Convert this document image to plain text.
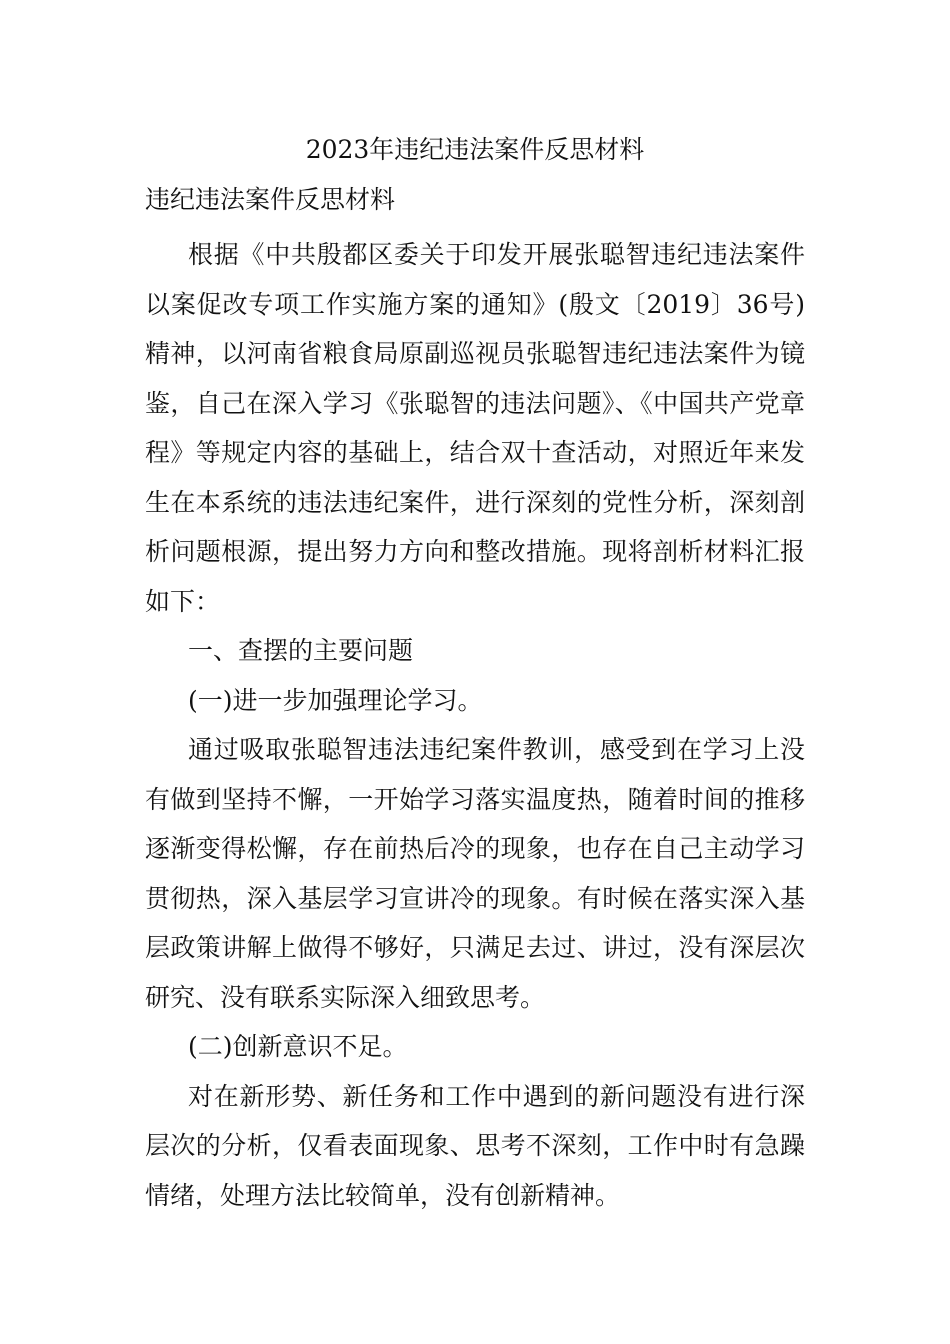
2023年违纪违法案件反思材料
违纪违法案件反思材料

根据《中共殷都区委关于印发开展张聪智违纪违法案件以案促改专项工作实施方案的通知》(殷文〔2019〕36号)精神，以河南省粮食局原副巡视员张聪智违纪违法案件为镜鉴，自己在深入学习《张聪智的违法问题》、《中国共产党章程》等规定内容的基础上，结合双十查活动，对照近年来发生在本系统的违法违纪案件，进行深刻的党性分析，深刻剖析问题根源，提出努力方向和整改措施。现将剖析材料汇报如下：

一、查摆的主要问题

(一)进一步加强理论学习。

通过吸取张聪智违法违纪案件教训，感受到在学习上没有做到坚持不懈，一开始学习落实温度热，随着时间的推移逐渐变得松懈，存在前热后冷的现象，也存在自己主动学习贯彻热，深入基层学习宣讲冷的现象。有时候在落实深入基层政策讲解上做得不够好，只满足去过、讲过，没有深层次研究、没有联系实际深入细致思考。

(二)创新意识不足。

对在新形势、新任务和工作中遇到的新问题没有进行深层次的分析，仅看表面现象、思考不深刻，工作中时有急躁情绪，处理方法比较简单，没有创新精神。
